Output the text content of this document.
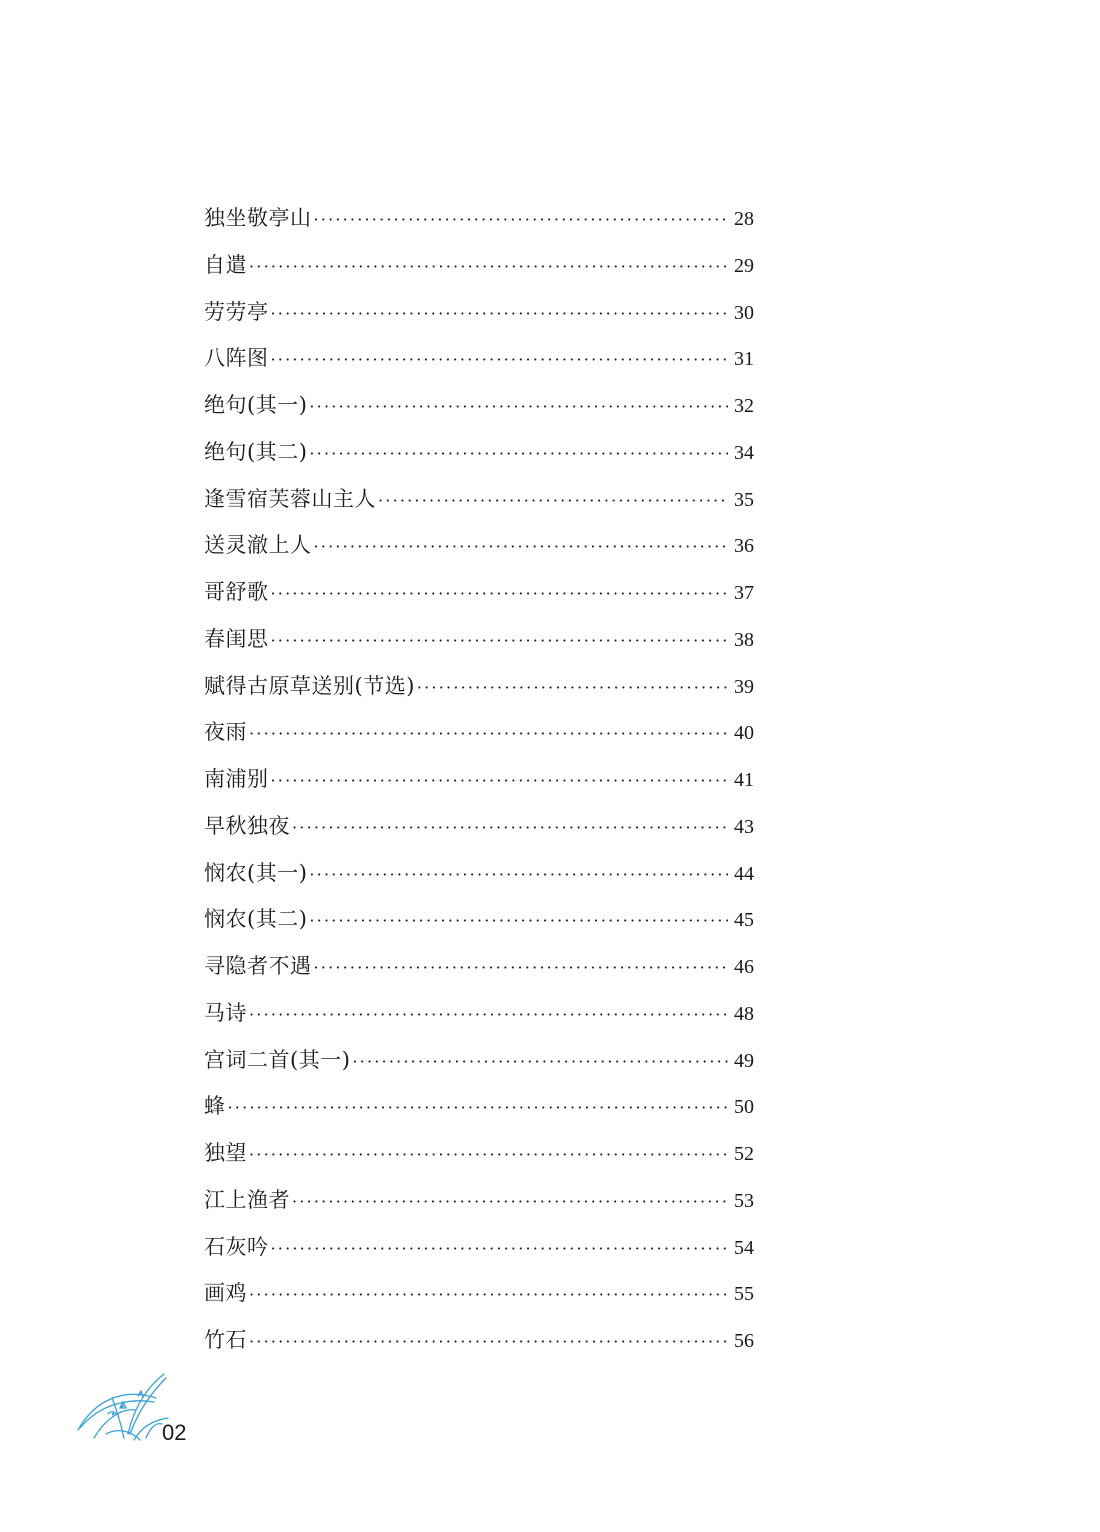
独坐敬亭山 ·····	28
自遣 ·····	29
劳劳亭 ·····	30
八阵图 ·····	31
绝句(其一) ·····	32
绝句(其二) ·····	34
逢雪宿芙蓉山主人 ·····	35
送灵澈上人 ·····	36
哥舒歌 ·····	37
春闺思 ·····	38
赋得古原草送别(节选) ·····	39
夜雨 ·····	40
南浦别 ·····	41
早秋独夜 ·····	43
悯农(其一) ·····	44
悯农(其二) ·····	45
寻隐者不遇 ·····	46
马诗 ·····	48
宫词二首(其一) ·····	49
蜂 ·····	50
独望 ·····	52
江上渔者 ·····	53
石灰吟 ·····	54
画鸡 ·····	55
竹石 ·····	56
02
